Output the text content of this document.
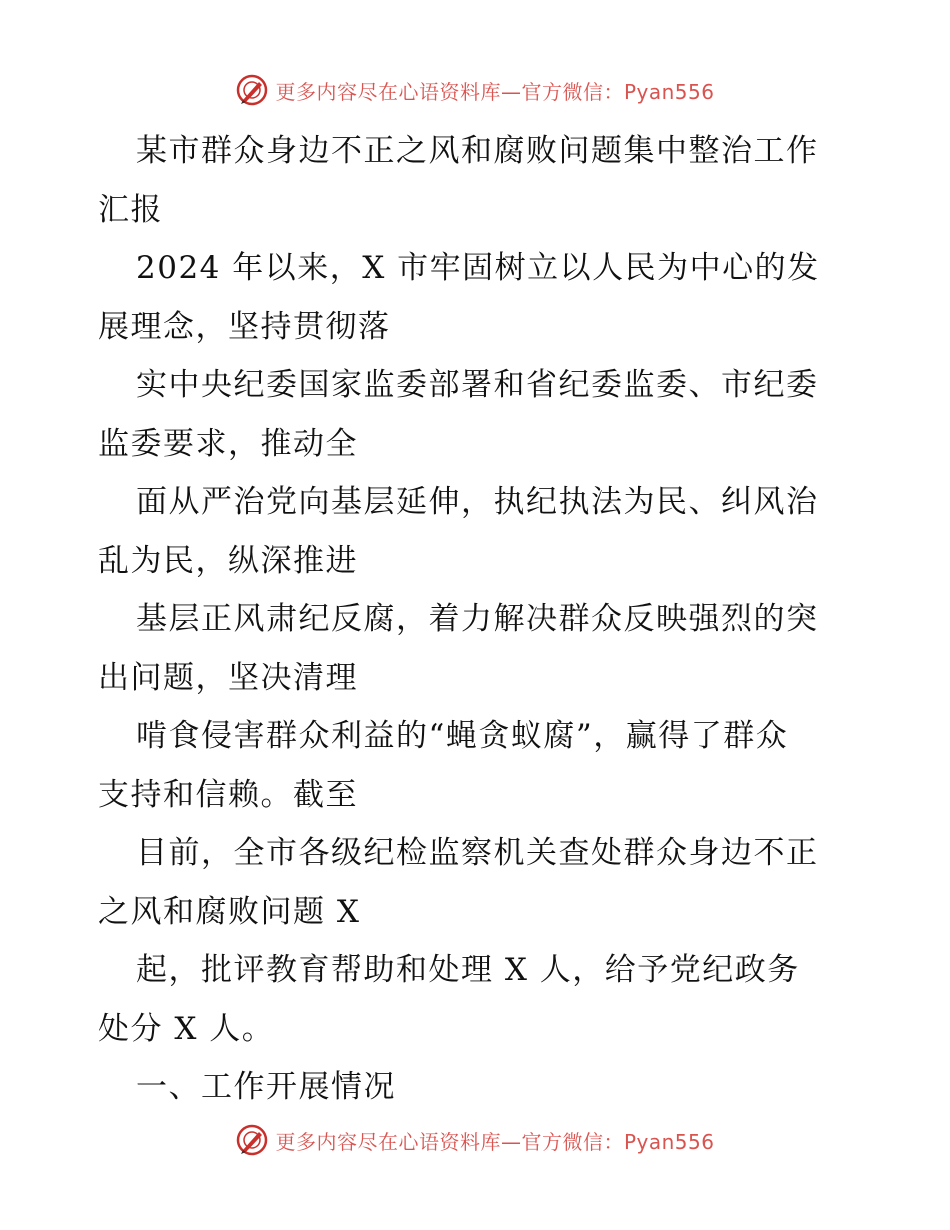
更多内容尽在心语资料库—官方微信：Pyan556
某市群众身边不正之风和腐败问题集中整治工作
汇报
2024 年以来，X 市牢固树立以人民为中心的发
展理念，坚持贯彻落
实中央纪委国家监委部署和省纪委监委、市纪委
监委要求，推动全
面从严治党向基层延伸，执纪执法为民、纠风治
乱为民，纵深推进
基层正风肃纪反腐，着力解决群众反映强烈的突
出问题，坚决清理
啃食侵害群众利益的“蝇贪蚁腐”，赢得了群众
支持和信赖。截至
目前，全市各级纪检监察机关查处群众身边不正
之风和腐败问题 X
起，批评教育帮助和处理 X 人，给予党纪政务
处分 X 人。
一、工作开展情况
更多内容尽在心语资料库—官方微信：Pyan556
